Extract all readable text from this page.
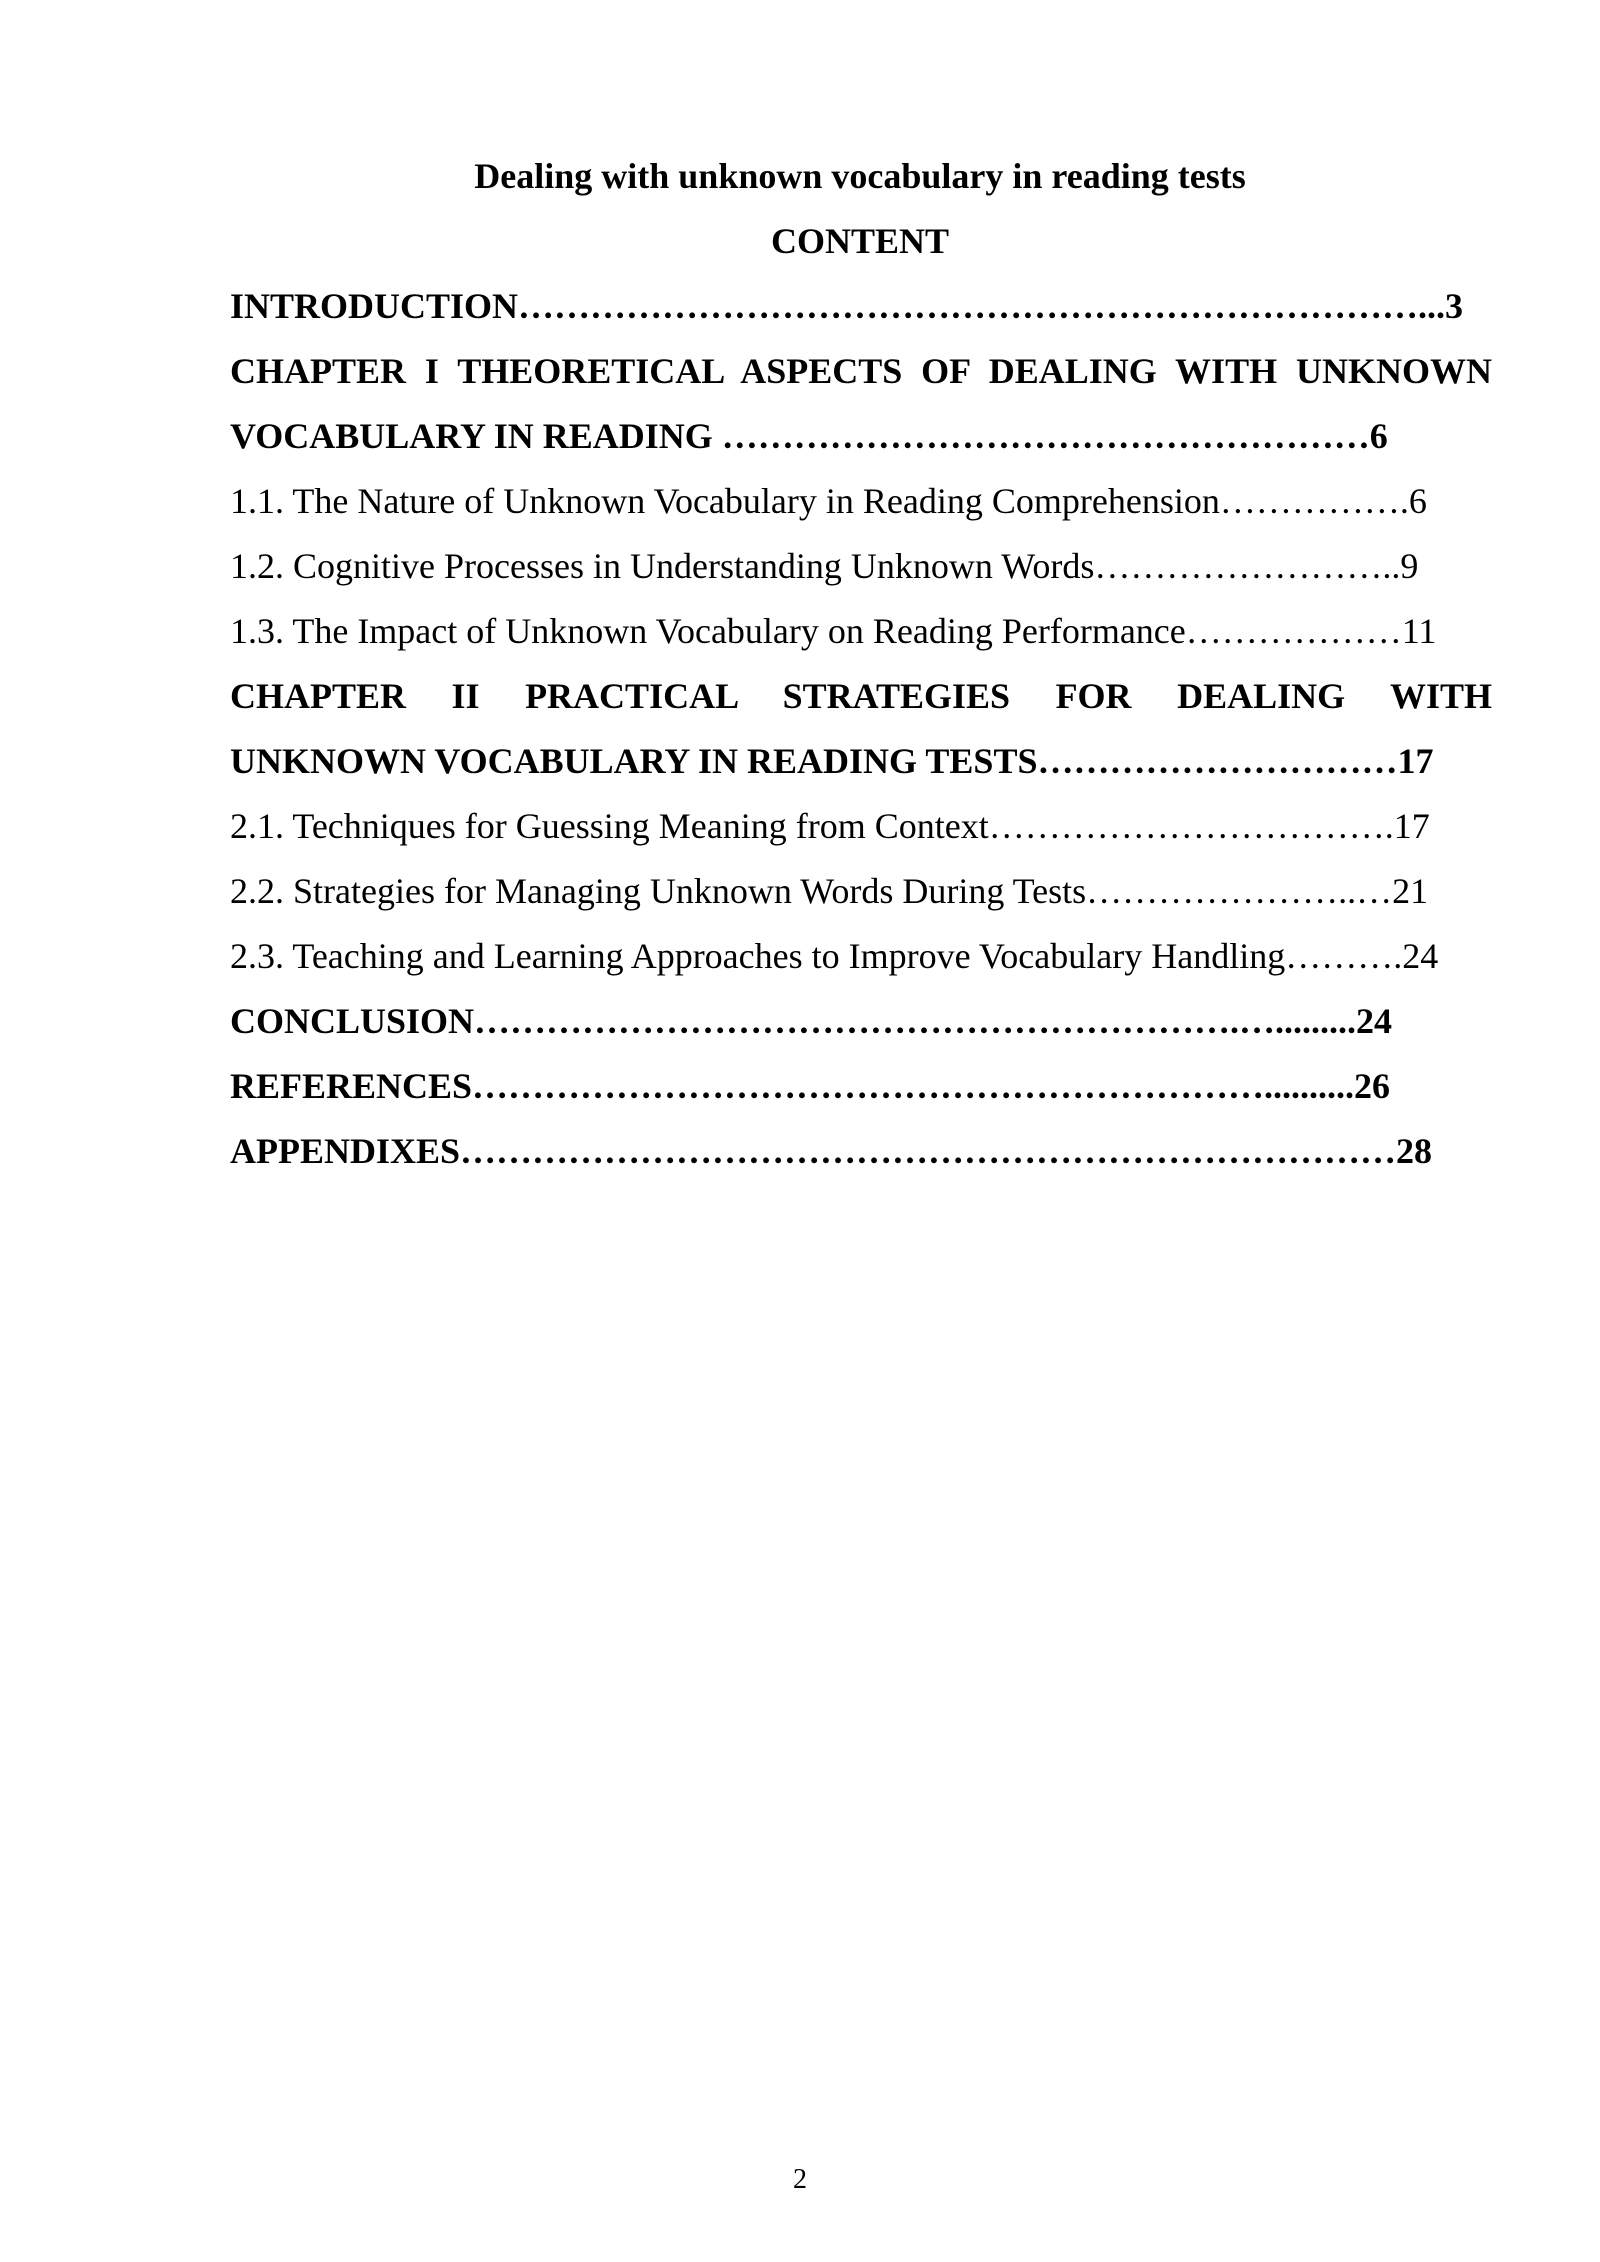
Dealing with unknown vocabulary in reading tests
CONTENT
INTRODUCTION…………………………………………………………………...3
CHAPTER I THEORETICAL ASPECTS OF DEALING WITH UNKNOWN
VOCABULARY IN READING ………………………………………………6
1.1. The Nature of Unknown Vocabulary in Reading Comprehension…………….6
1.2. Cognitive Processes in Understanding Unknown Words……………………..9
1.3. The Impact of Unknown Vocabulary on Reading Performance………………11
CHAPTER II PRACTICAL STRATEGIES FOR DEALING WITH
UNKNOWN VOCABULARY IN READING TESTS…………………………17
2.1. Techniques for Guessing Meaning from Context…………………………….17
2.2. Strategies for Managing Unknown Words During Tests…………………..…21
2.3. Teaching and Learning Approaches to Improve Vocabulary Handling……….24
CONCLUSION……………………………………………………….….........24
REFERENCES…………………………………………………………..........26
APPENDIXES……………………………………………………………………28
2
